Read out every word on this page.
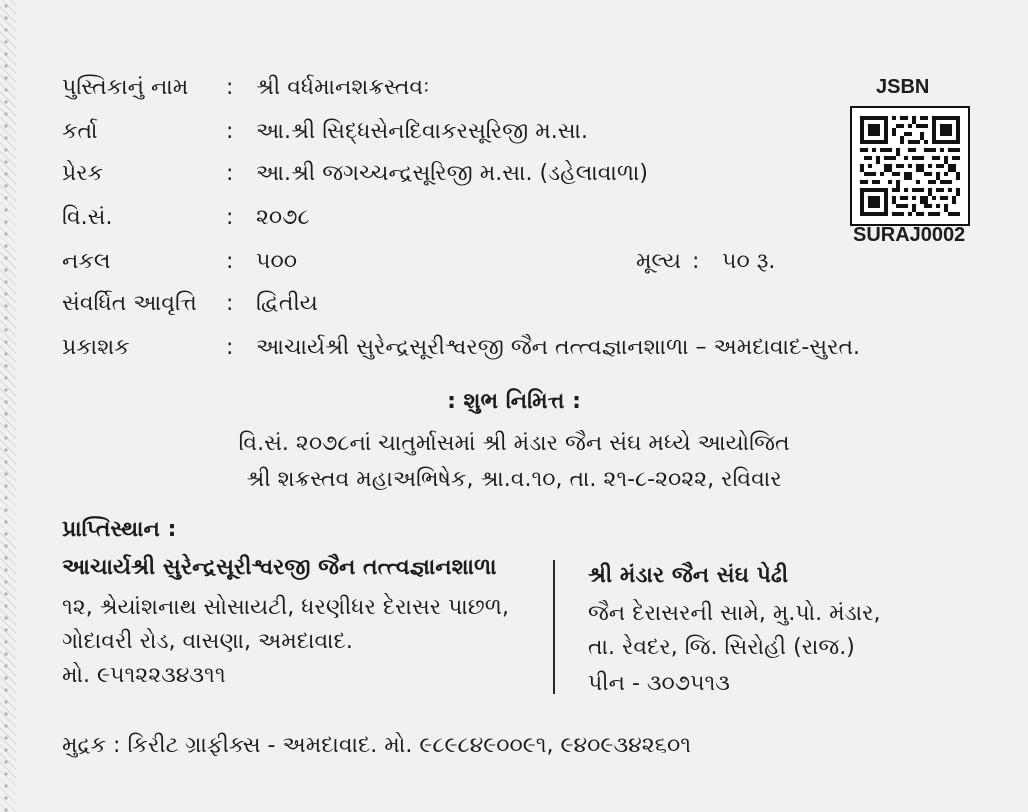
પુસ્તિકાનું નામ : શ્રી વર્ધમાનશક્રસ્તવઃ
કર્તા	: આ.શ્રી સિદ્ધસેનદિવાકરસૂરિજી મ.સા.
પ્રેરક	: આ.શ્રી જગચ્ચન્દ્રસૂરિજી મ.સા. (ડહેલાવાળા)
વિ.સં.	: ૨૦૭૮
નકલ	: ૫૦૦	મૂલ્ય : ૫૦ રૂ.
સંવર્ધિત આવૃત્તિ : દ્વિતીય
પ્રકાશક	: આચાર્યશ્રી સુરેન્દ્રસૂરીશ્વરજી જૈન તત્ત્વજ્ઞાનશાળા – અમદાવાદ-સુરત.
JSBN
SURAJ0002
: શુભ નિમિત્ત :
વિ.સં. ૨૦૭૮નાં ચાતુર્માસમાં શ્રી મંડાર જૈન સંઘ મધ્યે આયોજિત
શ્રી શક્રસ્તવ મહાઅભિષેક, શ્રા.વ.૧૦, તા. ૨૧-૮-૨૦૨૨, રવિવાર
પ્રાપ્તિસ્થાન :
આચાર્યશ્રી સુરેન્દ્રસૂરીશ્વરજી જૈન તત્ત્વજ્ઞાનશાળા
૧૨, શ્રેયાંશનાથ સોસાયટી, ધરણીધર દેરાસર પાછળ,
ગોદાવરી રોડ, વાસણા, અમદાવાદ.
મો. ૯૫૧૨૨૩૪૩૧૧
શ્રી મંડાર જૈન સંઘ પેઢી
જૈન દેરાસરની સામે, મુ.પો. મંડાર,
તા. રેવદર, જિ. સિરોહી (રાજ.)
પીન - ૩૦૭૫૧૩
મુદ્રક : કિરીટ ગ્રાફીક્સ - અમદાવાદ. મો. ૯૮૯૮૪૯૦૦૯૧, ૯૪૦૯૩૪૨૬૦૧
